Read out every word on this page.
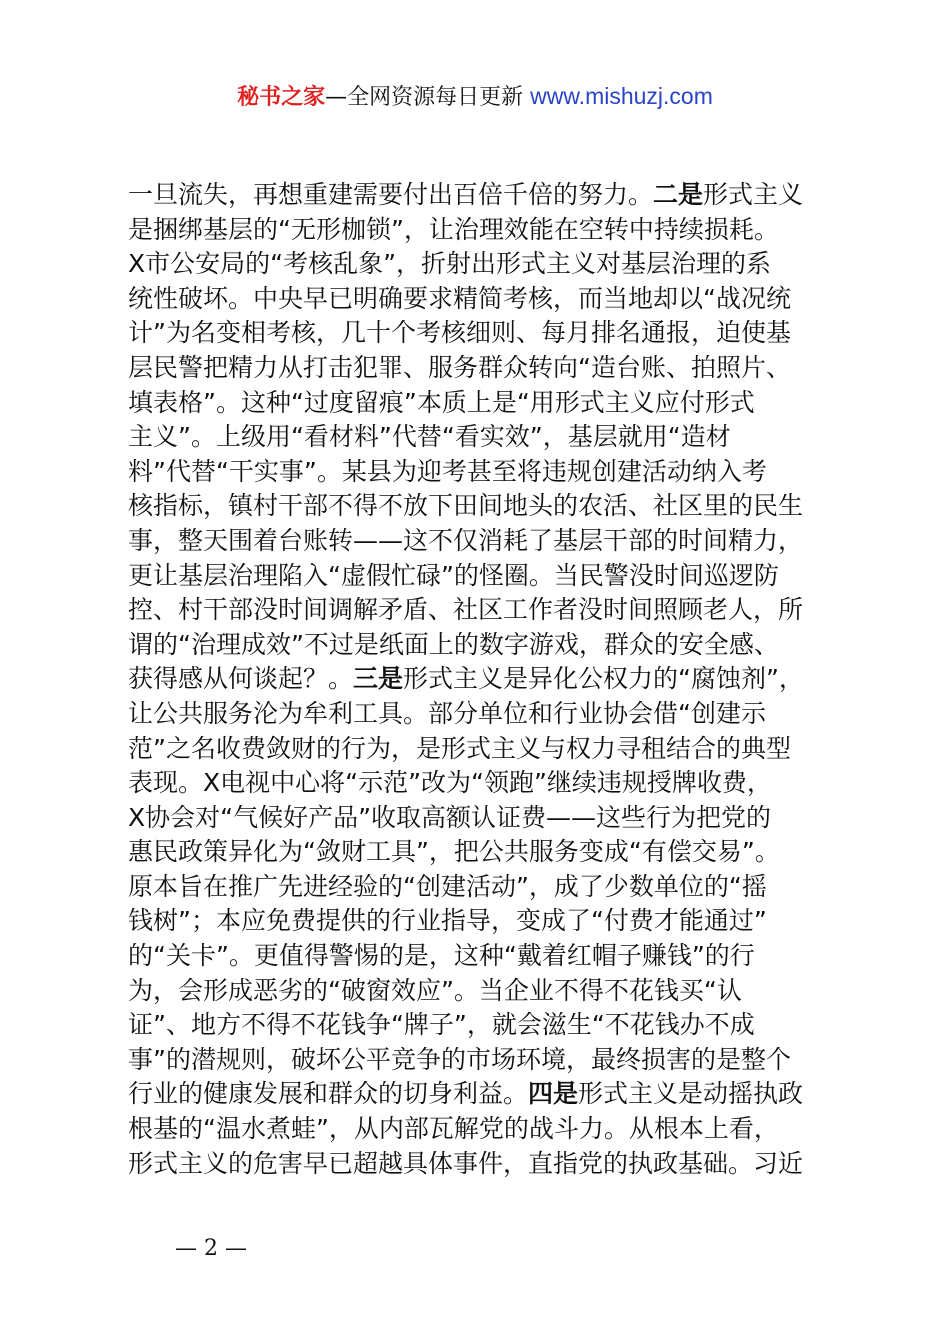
秘书之家—全网资源每日更新 www.mishuzj.com
一旦流失，再想重建需要付出百倍千倍的努力。二是形式主义
是捆绑基层的“无形枷锁”，让治理效能在空转中持续损耗。
X市公安局的“考核乱象”，折射出形式主义对基层治理的系
统性破坏。中央早已明确要求精简考核，而当地却以“战况统
计”为名变相考核，几十个考核细则、每月排名通报，迫使基
层民警把精力从打击犯罪、服务群众转向“造台账、拍照片、
填表格”。这种“过度留痕”本质上是“用形式主义应付形式
主义”。上级用“看材料”代替“看实效”，基层就用“造材
料”代替“干实事”。某县为迎考甚至将违规创建活动纳入考
核指标，镇村干部不得不放下田间地头的农活、社区里的民生
事，整天围着台账转——这不仅消耗了基层干部的时间精力，
更让基层治理陷入“虚假忙碌”的怪圈。当民警没时间巡逻防
控、村干部没时间调解矛盾、社区工作者没时间照顾老人，所
谓的“治理成效”不过是纸面上的数字游戏，群众的安全感、
获得感从何谈起？。三是形式主义是异化公权力的“腐蚀剂”，
让公共服务沦为牟利工具。部分单位和行业协会借“创建示
范”之名收费敛财的行为，是形式主义与权力寻租结合的典型
表现。X电视中心将“示范”改为“领跑”继续违规授牌收费，
X协会对“气候好产品”收取高额认证费——这些行为把党的
惠民政策异化为“敛财工具”，把公共服务变成“有偿交易”。
原本旨在推广先进经验的“创建活动”，成了少数单位的“摇
钱树”；本应免费提供的行业指导，变成了“付费才能通过”
的“关卡”。更值得警惕的是，这种“戴着红帽子赚钱”的行
为，会形成恶劣的“破窗效应”。当企业不得不花钱买“认
证”、地方不得不花钱争“牌子”，就会滋生“不花钱办不成
事”的潜规则，破坏公平竞争的市场环境，最终损害的是整个
行业的健康发展和群众的切身利益。四是形式主义是动摇执政
根基的“温水煮蛙”，从内部瓦解党的战斗力。从根本上看，
形式主义的危害早已超越具体事件，直指党的执政基础。习近
— 2 —
